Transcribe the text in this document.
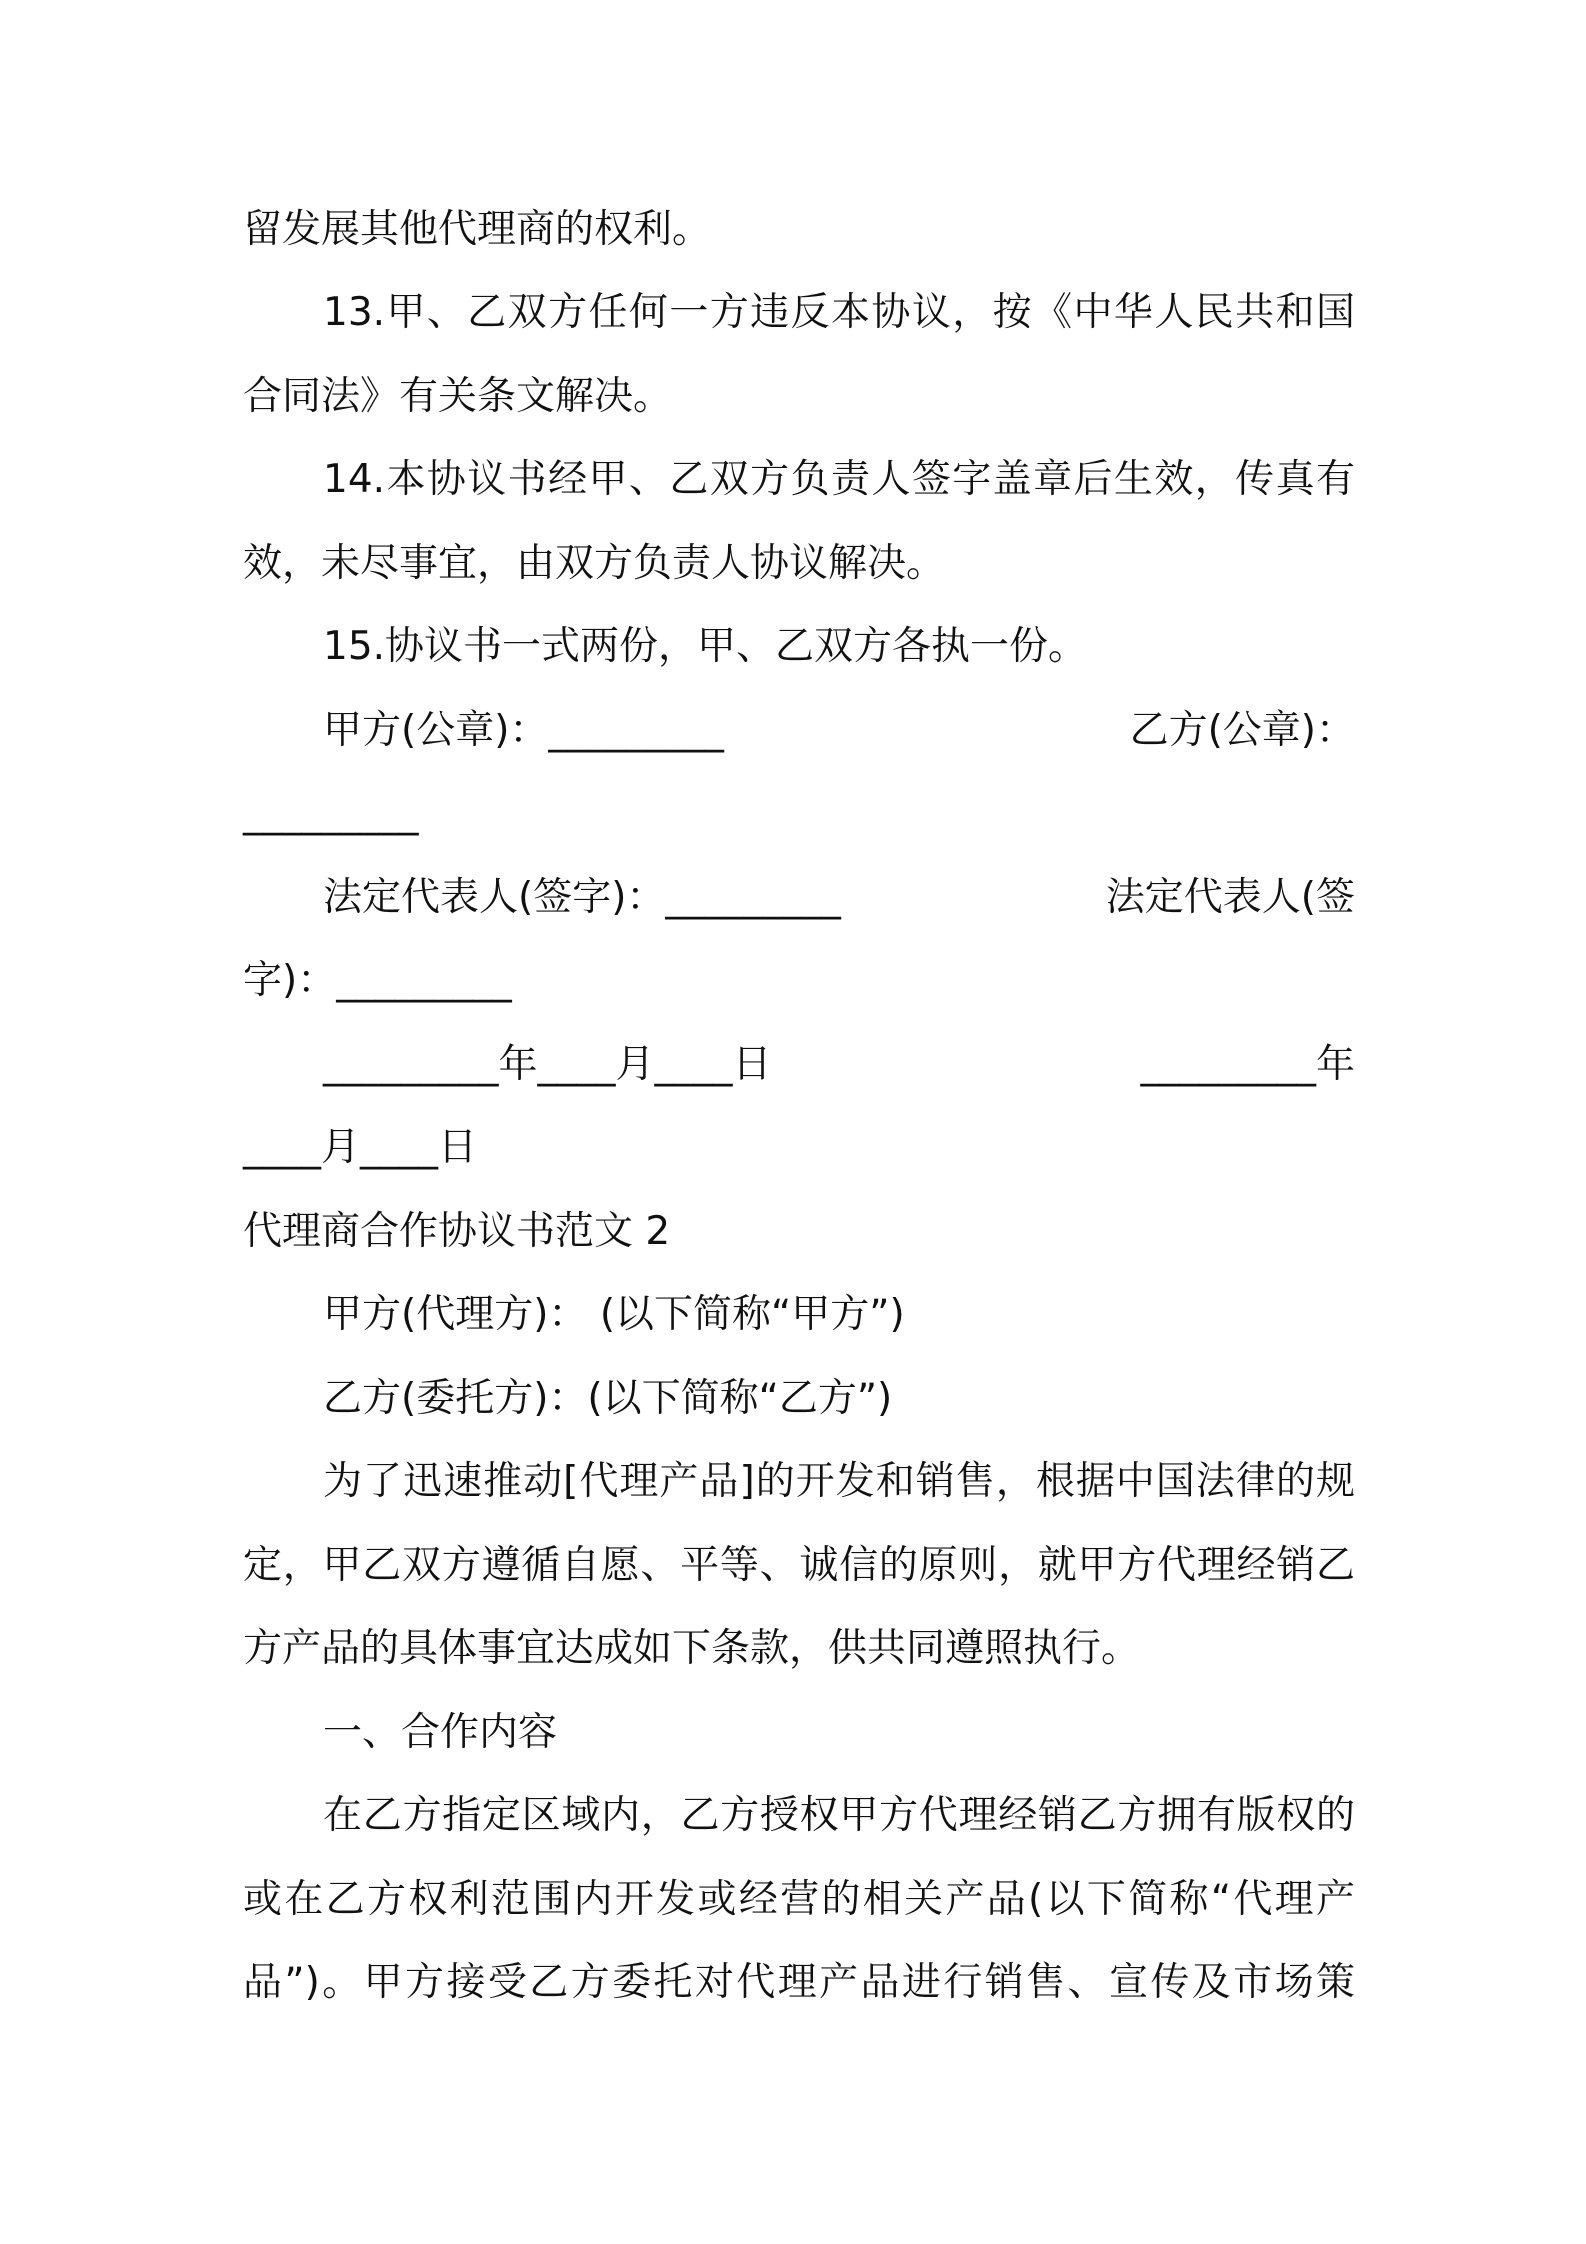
留发展其他代理商的权利。
13.甲、乙双方任何一方违反本协议，按《中华人民共和国
合同法》有关条文解决。
14.本协议书经甲、乙双方负责人签字盖章后生效，传真有
效，未尽事宜，由双方负责人协议解决。
15.协议书一式两份，甲、乙双方各执一份。
甲方(公章)：_________	乙方(公章)：
_________
法定代表人(签字)：_________	法定代表人(签
字)：_________
_________年____月____日	_________年
____月____日
代理商合作协议书范文 2
甲方(代理方)： (以下简称“甲方”)
乙方(委托方)：(以下简称“乙方”)
为了迅速推动[代理产品]的开发和销售，根据中国法律的规
定，甲乙双方遵循自愿、平等、诚信的原则，就甲方代理经销乙
方产品的具体事宜达成如下条款，供共同遵照执行。
一、合作内容
在乙方指定区域内，乙方授权甲方代理经销乙方拥有版权的
或在乙方权利范围内开发或经营的相关产品(以下简称“代理产
品”)。甲方接受乙方委托对代理产品进行销售、宣传及市场策
